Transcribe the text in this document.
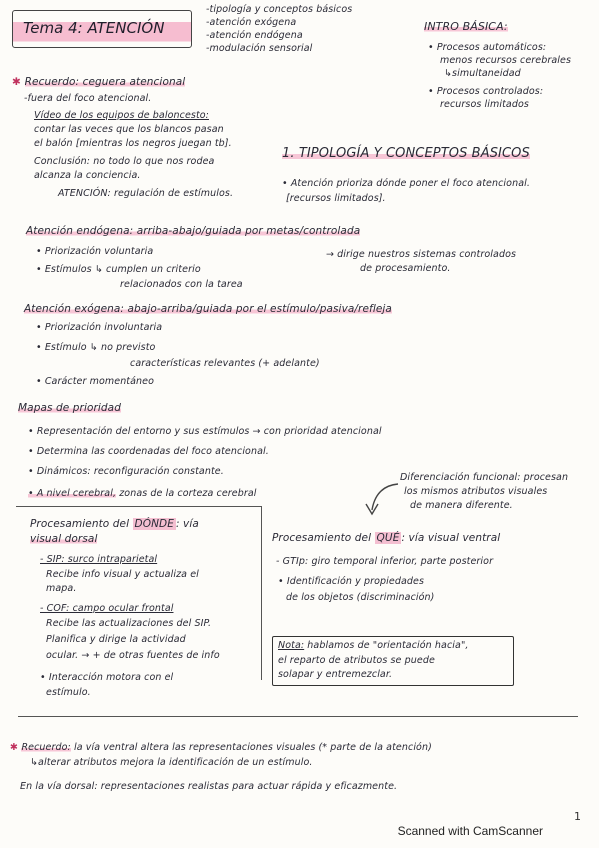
Tema 4: ATENCIÓN
-tipología y conceptos básicos
-atención exógena
-atención endógena
-modulación sensorial
INTRO BÁSICA:
• Procesos automáticos:
menos recursos cerebrales
↳simultaneidad
• Procesos controlados:
recursos limitados
✱ Recuerdo: ceguera atencional
-fuera del foco atencional.
Vídeo de los equipos de baloncesto:
contar las veces que los blancos pasan
el balón [mientras los negros juegan tb].
Conclusión: no todo lo que nos rodea
alcanza la conciencia.
ATENCIÓN: regulación de estímulos.
1. TIPOLOGÍA Y CONCEPTOS BÁSICOS
• Atención prioriza dónde poner el foco atencional.
[recursos limitados].
Atención endógena: arriba-abajo/guiada por metas/controlada
• Priorización voluntaria
• Estímulos ↳ cumplen un criterio
relacionados con la tarea
→ dirige nuestros sistemas controlados
de procesamiento.
Atención exógena: abajo-arriba/guiada por el estímulo/pasiva/refleja
• Priorización involuntaria
• Estímulo ↳ no previsto
características relevantes (+ adelante)
• Carácter momentáneo
Mapas de prioridad
• Representación del entorno y sus estímulos → con prioridad atencional
• Determina las coordenadas del foco atencional.
• Dinámicos: reconfiguración constante.
• A nivel cerebral, zonas de la corteza cerebral
Diferenciación funcional: procesan
los mismos atributos visuales
de manera diferente.
Procesamiento del DÓNDE : vía
visual dorsal
- SIP: surco intraparietal
Recibe info visual y actualiza el
mapa.
- COF: campo ocular frontal
Recibe las actualizaciones del SIP.
Planifica y dirige la actividad
ocular. → + de otras fuentes de info
• Interacción motora con el
estímulo.
Procesamiento del QUÉ : vía visual ventral
- GTIp: giro temporal inferior, parte posterior
• Identificación y propiedades
de los objetos (discriminación)
Nota: hablamos de "orientación hacia",
el reparto de atributos se puede
solapar y entremezclar.
✱ Recuerdo: la vía ventral altera las representaciones visuales (* parte de la atención)
↳alterar atributos mejora la identificación de un estímulo.
En la vía dorsal: representaciones realistas para actuar rápida y eficazmente.
1
Scanned with CamScanner
